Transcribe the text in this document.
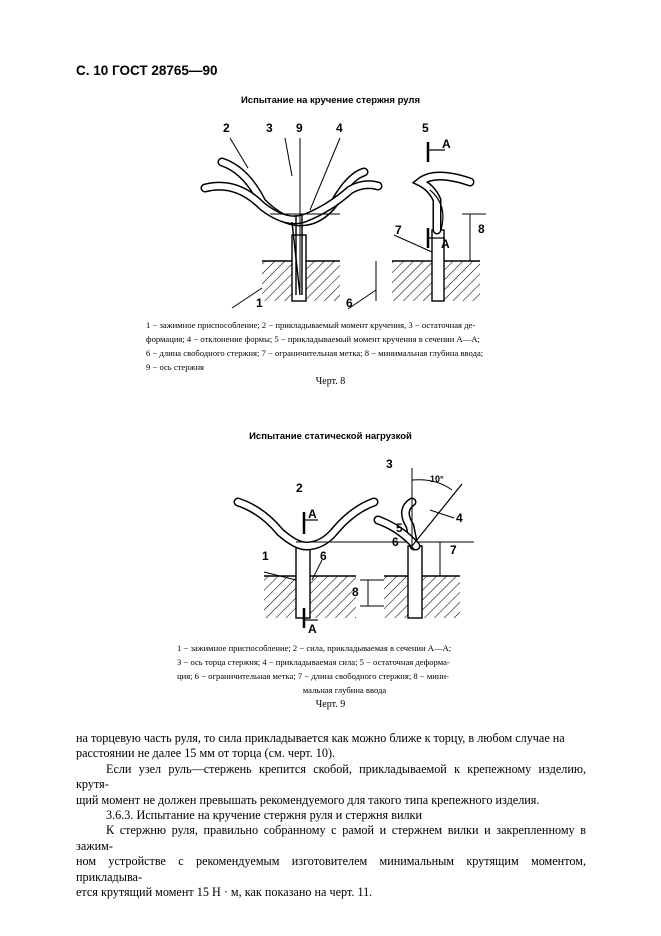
С. 10 ГОСТ 28765—90
Испытание на кручение стержня руля
2	3 9	4	5
А
А
7	8
6
1
1 − зажимное приспособление; 2 − прикладываемый момент кручения, 3 − остаточная де-
формация; 4 − отклонение формы; 5 − прикладываемый момент кручения в сечении А—А;
6 − длина свободного стержня; 7 − ограничительная метка; 8 − минимальная глубина ввода;
9 − ось стержня
Черт. 8
Испытание статической нагрузкой
2
3
10°
4
А
5
6
6
1	7
8
А
1 − зажимное приспособление; 2 − сила, прикладываемая в сечении А—А;
3 − ось торца стержня; 4 − прикладываемая сила; 5 − остаточная деформа-
ция; 6 − ограничительная метка; 7 − длина свободного стержня; 8 − мини-
мальная глубина ввода
Черт. 9
на торцевую часть руля, то сила прикладывается как можно ближе к торцу, в любом случае на
расстоянии не далее 15 мм от торца (см. черт. 10).
Если узел руль—стержень крепится скобой, прикладываемой к крепежному изделию, крутя-
щий момент не должен превышать рекомендуемого для такого типа крепежного изделия.
3.6.3. Испытание на кручение стержня руля и стержня вилки
К стержню руля, правильно собранному с рамой и стержнем вилки и закрепленному в зажим-
ном устройстве с рекомендуемым изготовителем минимальным крутящим моментом, прикладыва-
ется крутящий момент 15 Н · м, как показано на черт. 11.
